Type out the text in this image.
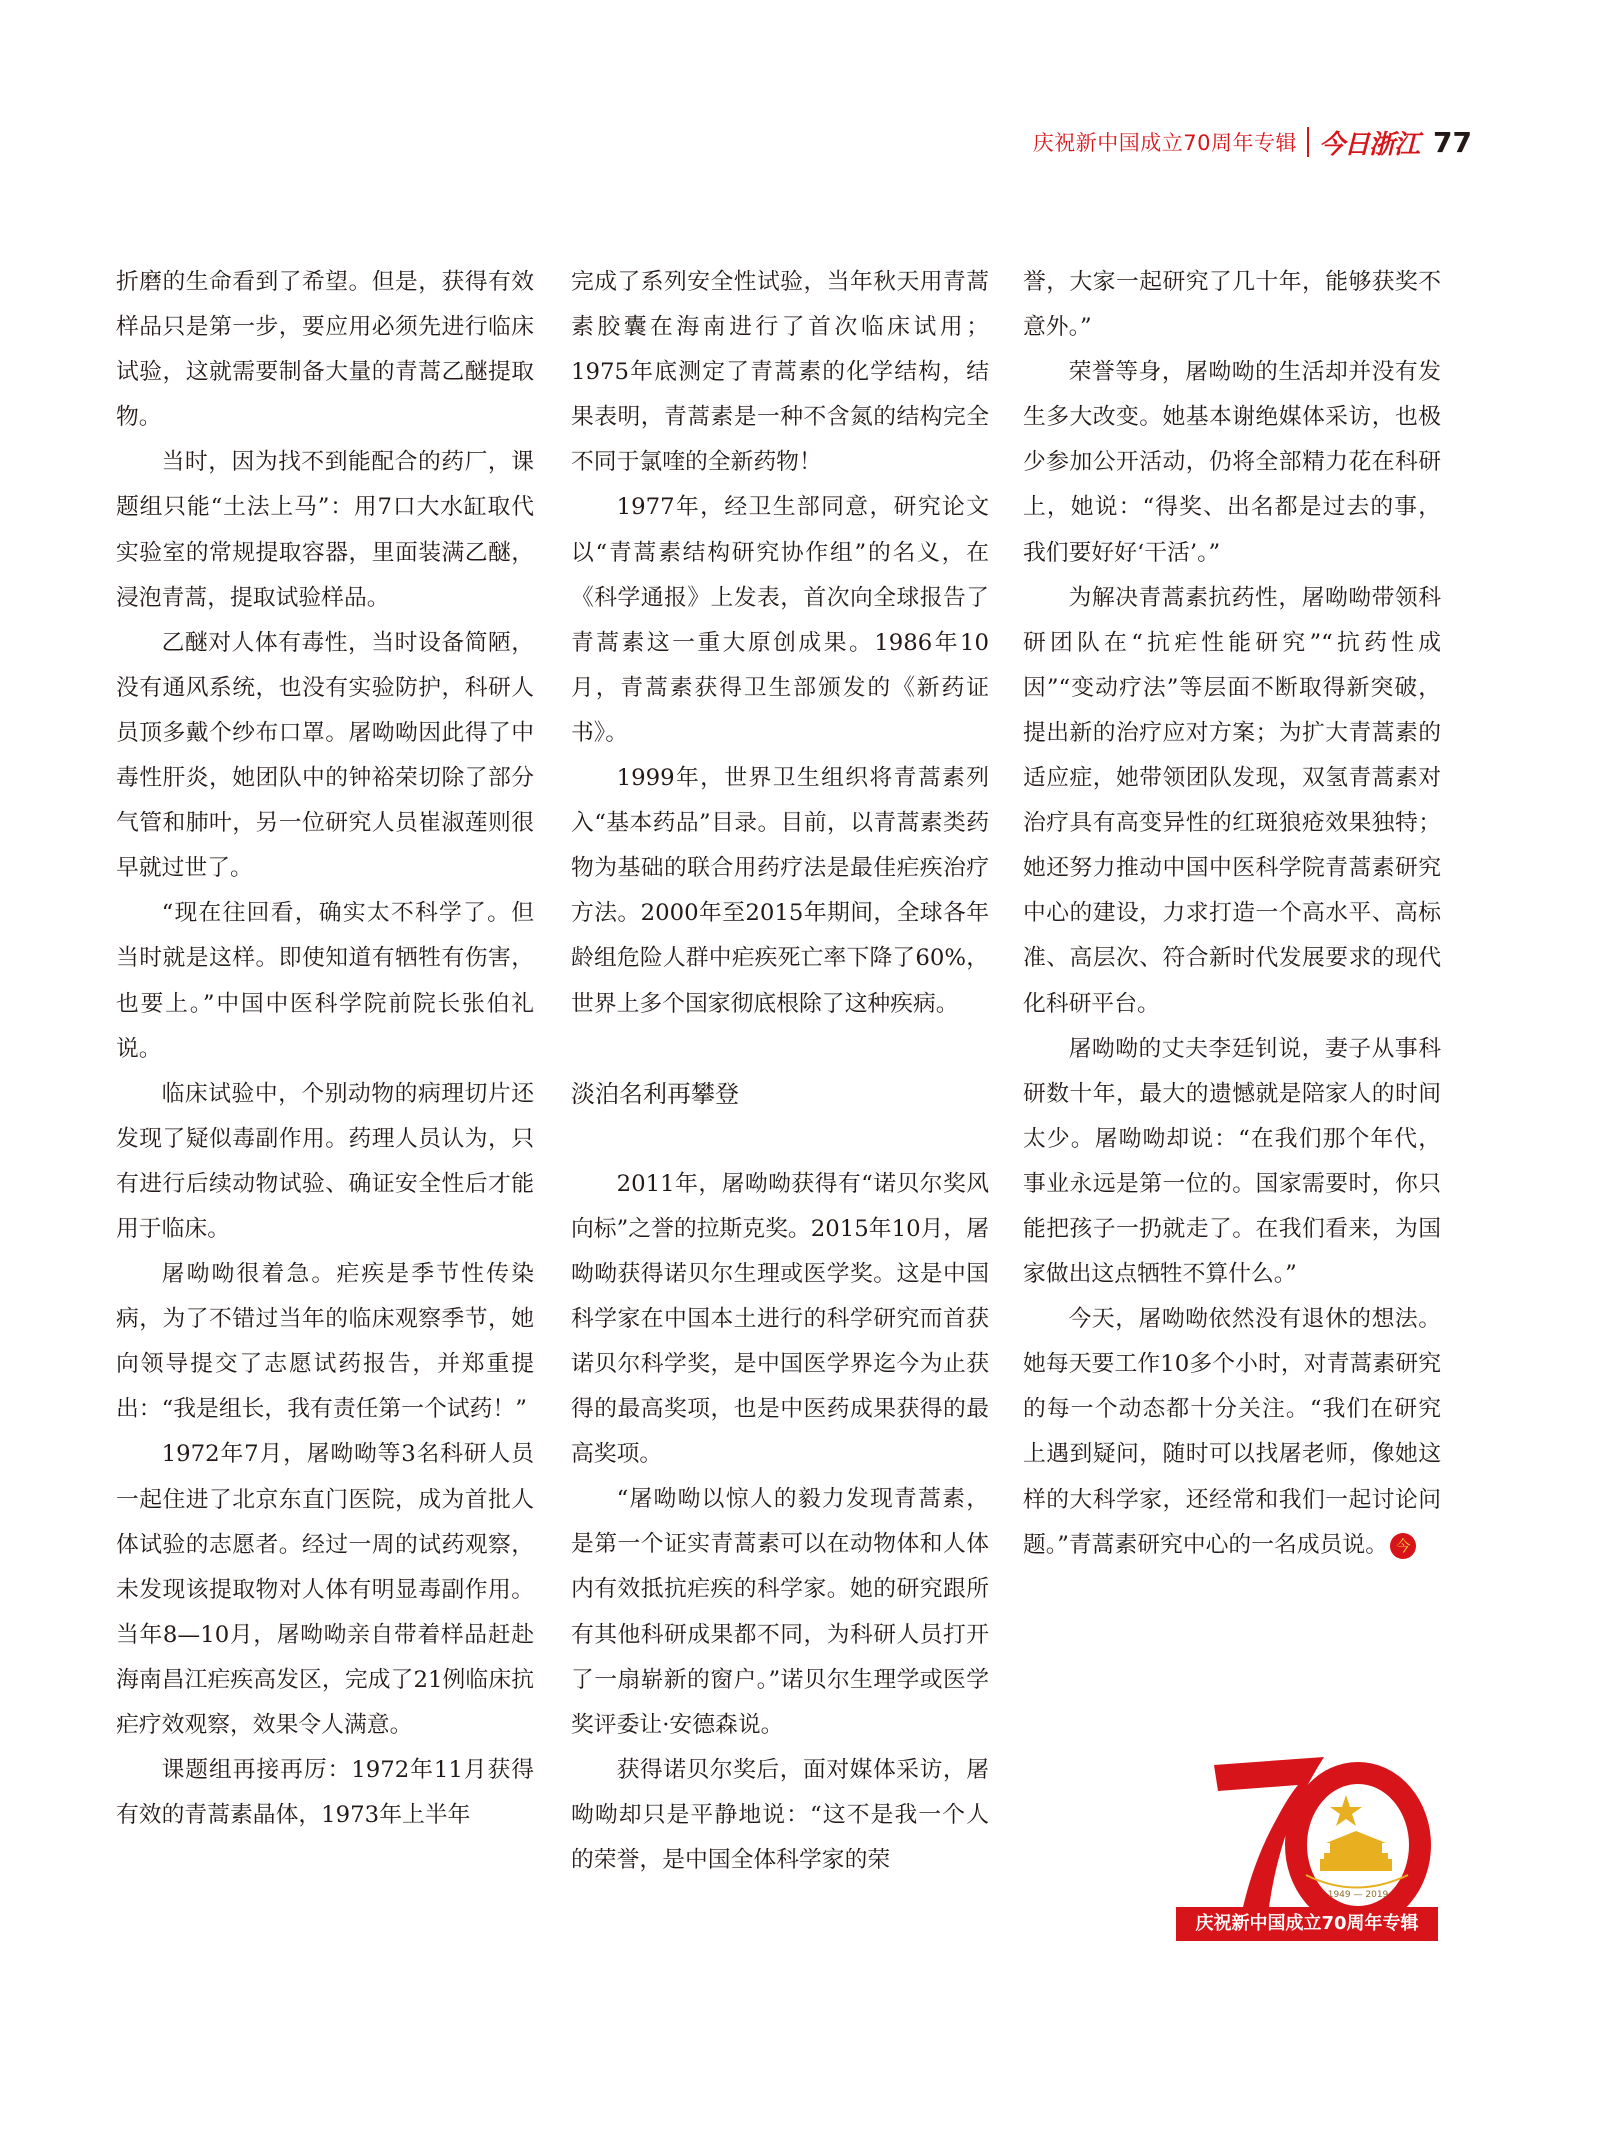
庆祝新中国成立70周年专辑 今日浙江 77

折磨的生命看到了希望。但是，获得有效样品只是第一步，要应用必须先进行临床试验，这就需要制备大量的青蒿乙醚提取物。

当时，因为找不到能配合的药厂，课题组只能“土法上马”：用7口大水缸取代实验室的常规提取容器，里面装满乙醚，浸泡青蒿，提取试验样品。

乙醚对人体有毒性，当时设备简陋，没有通风系统，也没有实验防护，科研人员顶多戴个纱布口罩。屠呦呦因此得了中毒性肝炎，她团队中的钟裕荣切除了部分气管和肺叶，另一位研究人员崔淑莲则很早就过世了。

“现在往回看，确实太不科学了。但当时就是这样。即使知道有牺牲有伤害，也要上。”中国中医科学院前院长张伯礼说。

临床试验中，个别动物的病理切片还发现了疑似毒副作用。药理人员认为，只有进行后续动物试验、确证安全性后才能用于临床。

屠呦呦很着急。疟疾是季节性传染病，为了不错过当年的临床观察季节，她向领导提交了志愿试药报告，并郑重提出：“我是组长，我有责任第一个试药！”

1972年7月，屠呦呦等3名科研人员一起住进了北京东直门医院，成为首批人体试验的志愿者。经过一周的试药观察，未发现该提取物对人体有明显毒副作用。当年8—10月，屠呦呦亲自带着样品赶赴海南昌江疟疾高发区，完成了21例临床抗疟疗效观察，效果令人满意。

课题组再接再厉：1972年11月获得有效的青蒿素晶体，1973年上半年

完成了系列安全性试验，当年秋天用青蒿素胶囊在海南进行了首次临床试用；1975年底测定了青蒿素的化学结构，结果表明，青蒿素是一种不含氮的结构完全不同于氯喹的全新药物！

1977年，经卫生部同意，研究论文以“青蒿素结构研究协作组”的名义，在《科学通报》上发表，首次向全球报告了青蒿素这一重大原创成果。1986年10月，青蒿素获得卫生部颁发的《新药证书》。

1999年，世界卫生组织将青蒿素列入“基本药品”目录。目前，以青蒿素类药物为基础的联合用药疗法是最佳疟疾治疗方法。2000年至2015年期间，全球各年龄组危险人群中疟疾死亡率下降了60%，世界上多个国家彻底根除了这种疾病。

淡泊名利再攀登

2011年，屠呦呦获得有“诺贝尔奖风向标”之誉的拉斯克奖。2015年10月，屠呦呦获得诺贝尔生理或医学奖。这是中国科学家在中国本土进行的科学研究而首获诺贝尔科学奖，是中国医学界迄今为止获得的最高奖项，也是中医药成果获得的最高奖项。

“屠呦呦以惊人的毅力发现青蒿素，是第一个证实青蒿素可以在动物体和人体内有效抵抗疟疾的科学家。她的研究跟所有其他科研成果都不同，为科研人员打开了一扇崭新的窗户。”诺贝尔生理学或医学奖评委让·安德森说。

获得诺贝尔奖后，面对媒体采访，屠呦呦却只是平静地说：“这不是我一个人的荣誉，是中国全体科学家的荣

誉，大家一起研究了几十年，能够获奖不意外。”

荣誉等身，屠呦呦的生活却并没有发生多大改变。她基本谢绝媒体采访，也极少参加公开活动，仍将全部精力花在科研上，她说：“得奖、出名都是过去的事，我们要好好‘干活’。”

为解决青蒿素抗药性，屠呦呦带领科研团队在“抗疟性能研究”“抗药性成因”“变动疗法”等层面不断取得新突破，提出新的治疗应对方案；为扩大青蒿素的适应症，她带领团队发现，双氢青蒿素对治疗具有高变异性的红斑狼疮效果独特；她还努力推动中国中医科学院青蒿素研究中心的建设，力求打造一个高水平、高标准、高层次、符合新时代发展要求的现代化科研平台。

屠呦呦的丈夫李廷钊说，妻子从事科研数十年，最大的遗憾就是陪家人的时间太少。屠呦呦却说：“在我们那个年代，事业永远是第一位的。国家需要时，你只能把孩子一扔就走了。在我们看来，为国家做出这点牺牲不算什么。”

今天，屠呦呦依然没有退休的想法。她每天要工作10多个小时，对青蒿素研究的每一个动态都十分关注。“我们在研究上遇到疑问，随时可以找屠老师，像她这样的大科学家，还经常和我们一起讨论问题。”青蒿素研究中心的一名成员说。 今

1949 — 2019
庆祝新中国成立70周年专辑
